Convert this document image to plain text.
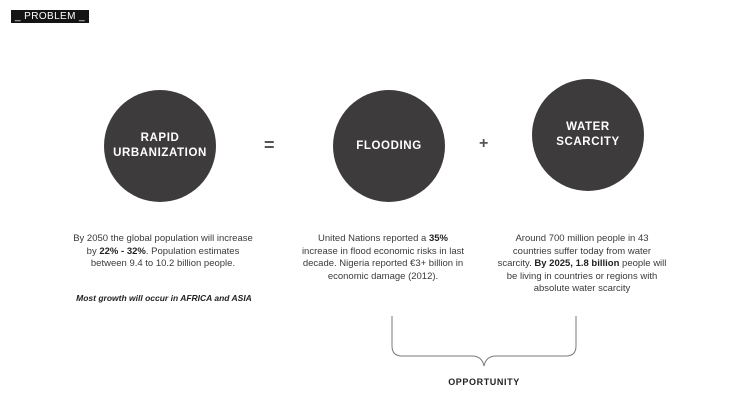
_ PROBLEM _
RAPID URBANIZATION	=	FLOODING	+
WATER SCARCITY
By 2050 the global population will increase by 22% - 32%. Population estimates between 9.4 to 10.2 billion people.
Most growth will occur in AFRICA and ASIA
United Nations reported a 35% increase in flood economic risks in last decade. Nigeria reported €3+ billion in economic damage (2012).
Around 700 million people in 43 countries suffer today from water scarcity. By 2025, 1.8 billion people will be living in countries or regions with absolute water scarcity
OPPORTUNITY
